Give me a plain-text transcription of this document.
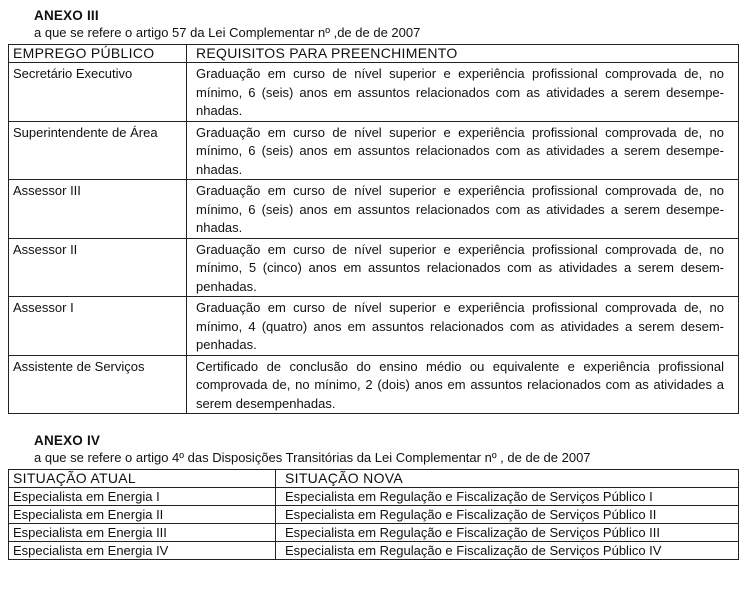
ANEXO III
a que se refere o artigo 57 da Lei Complementar nº ,de de de 2007
EMPREGO PÚBLICO	REQUISITOS PARA PREENCHIMENTO
Secretário Executivo	Graduação em curso de nível superior e experiência profissional comprovada de, no mínimo, 6 (seis) anos em assuntos relacionados com as atividades a serem desempenhadas.
Superintendente de Área	Graduação em curso de nível superior e experiência profissional comprovada de, no mínimo, 6 (seis) anos em assuntos relacionados com as atividades a serem desempenhadas.
Assessor III	Graduação em curso de nível superior e experiência profissional comprovada de, no mínimo, 6 (seis) anos em assuntos relacionados com as atividades a serem desempenhadas.
Assessor II	Graduação em curso de nível superior e experiência profissional comprovada de, no mínimo, 5 (cinco) anos em assuntos relacionados com as atividades a serem desempenhadas.
Assessor I	Graduação em curso de nível superior e experiência profissional comprovada de, no mínimo, 4 (quatro) anos em assuntos relacionados com as atividades a serem desempenhadas.
Assistente de Serviços	Certificado de conclusão do ensino médio ou equivalente e experiência profissional comprovada de, no mínimo, 2 (dois) anos em assuntos relacionados com as atividades a serem desempenhadas.
ANEXO IV
a que se refere o artigo 4º das Disposições Transitórias da Lei Complementar nº , de de de 2007
SITUAÇÃO ATUAL	SITUAÇÃO NOVA
Especialista em Energia I	Especialista em Regulação e Fiscalização de Serviços Público I
Especialista em Energia II	Especialista em Regulação e Fiscalização de Serviços Público II
Especialista em Energia III	Especialista em Regulação e Fiscalização de Serviços Público III
Especialista em Energia IV	Especialista em Regulação e Fiscalização de Serviços Público IV
